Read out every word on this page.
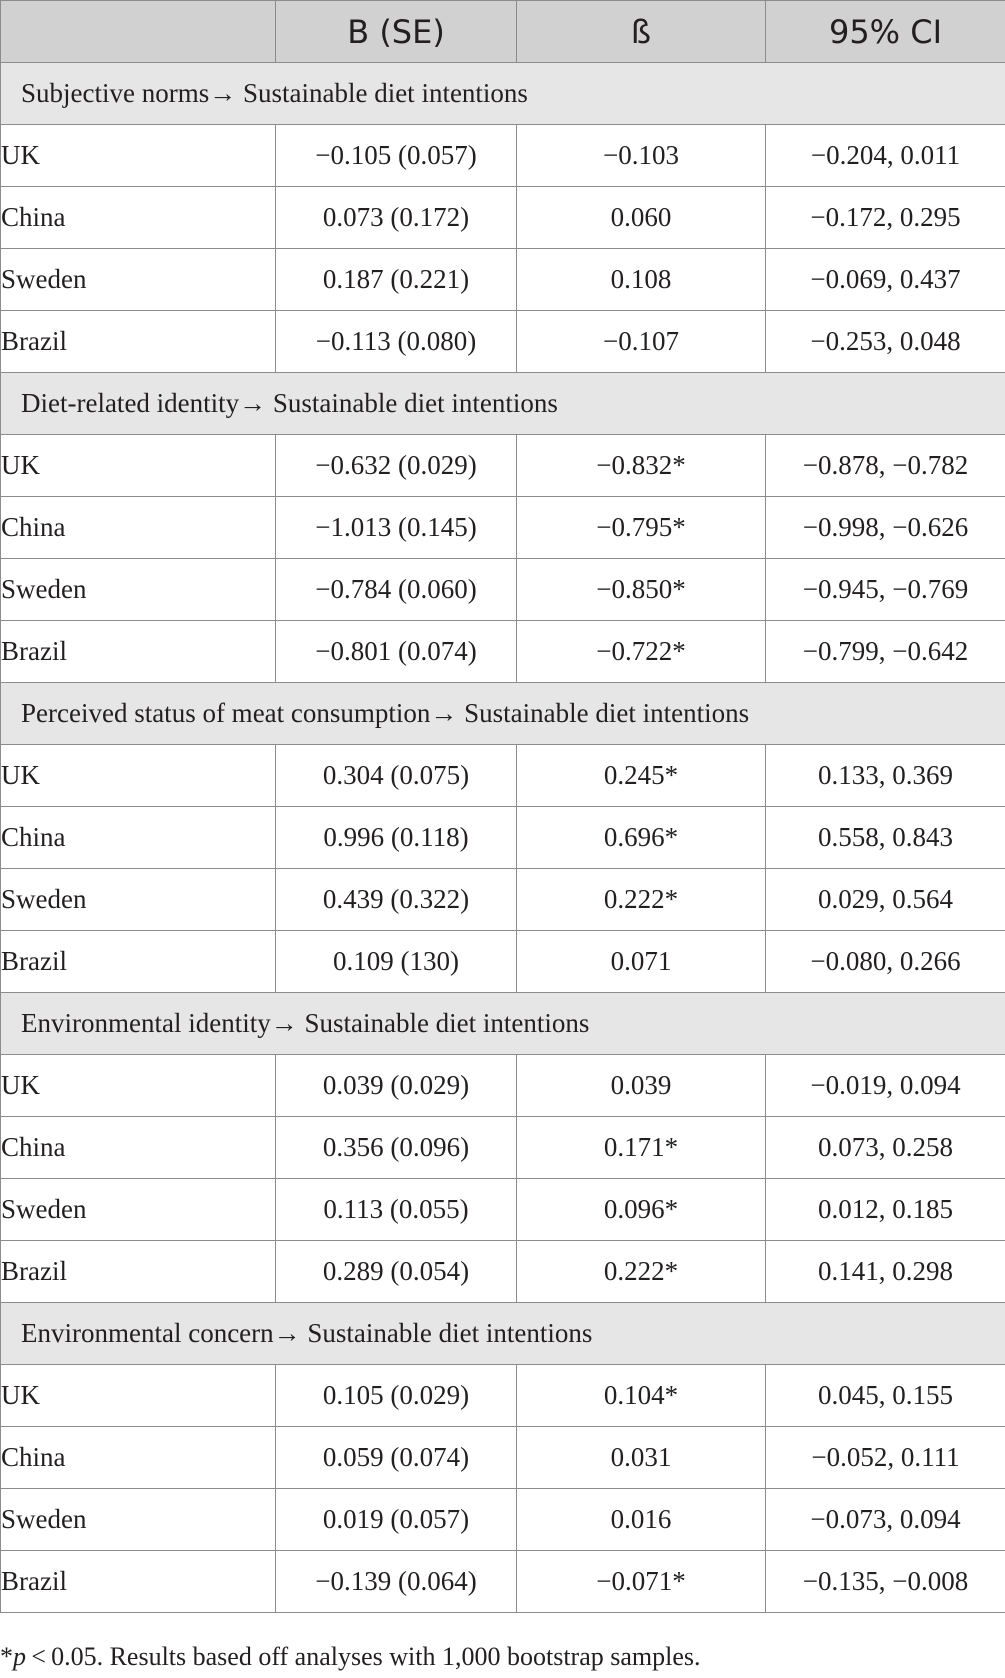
	B (SE)	ß	95% CI
Subjective norms→ Sustainable diet intentions			
UK	−0.105 (0.057)	−0.103	−0.204, 0.011
China	0.073 (0.172)	0.060	−0.172, 0.295
Sweden	0.187 (0.221)	0.108	−0.069, 0.437
Brazil	−0.113 (0.080)	−0.107	−0.253, 0.048
Diet-related identity→ Sustainable diet intentions			
UK	−0.632 (0.029)	−0.832*	−0.878, −0.782
China	−1.013 (0.145)	−0.795*	−0.998, −0.626
Sweden	−0.784 (0.060)	−0.850*	−0.945, −0.769
Brazil	−0.801 (0.074)	−0.722*	−0.799, −0.642
Perceived status of meat consumption→ Sustainable diet intentions			
UK	0.304 (0.075)	0.245*	0.133, 0.369
China	0.996 (0.118)	0.696*	0.558, 0.843
Sweden	0.439 (0.322)	0.222*	0.029, 0.564
Brazil	0.109 (130)	0.071	−0.080, 0.266
Environmental identity→ Sustainable diet intentions			
UK	0.039 (0.029)	0.039	−0.019, 0.094
China	0.356 (0.096)	0.171*	0.073, 0.258
Sweden	0.113 (0.055)	0.096*	0.012, 0.185
Brazil	0.289 (0.054)	0.222*	0.141, 0.298
Environmental concern→ Sustainable diet intentions			
UK	0.105 (0.029)	0.104*	0.045, 0.155
China	0.059 (0.074)	0.031	−0.052, 0.111
Sweden	0.019 (0.057)	0.016	−0.073, 0.094
Brazil	−0.139 (0.064)	−0.071*	−0.135, −0.008
*p < 0.05. Results based off analyses with 1,000 bootstrap samples.
